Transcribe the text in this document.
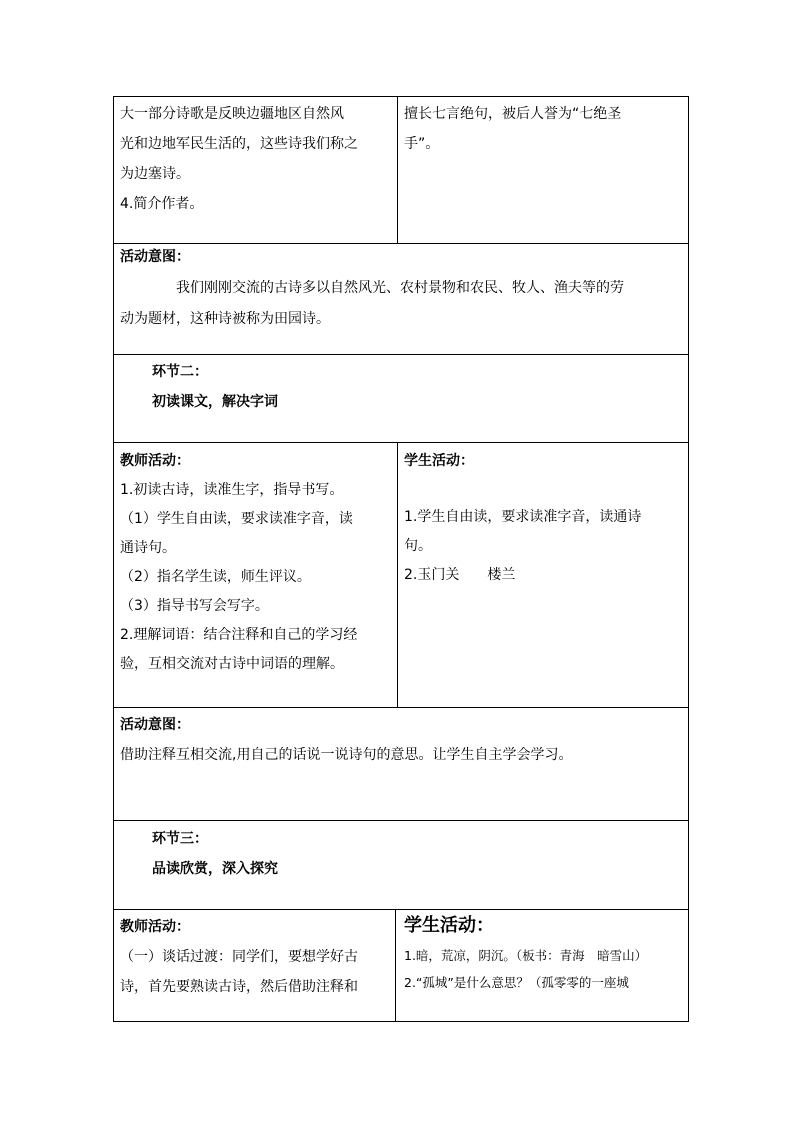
大一部分诗歌是反映边疆地区自然风
光和边地军民生活的，这些诗我们称之
为边塞诗。
4.简介作者。
擅长七言绝句，被后人誉为“七绝圣
手”。
活动意图：
我们刚刚交流的古诗多以自然风光、农村景物和农民、牧人、渔夫等的劳
动为题材，这种诗被称为田园诗。
环节二：
初读课文，解决字词
教师活动：
1.初读古诗，读准生字，指导书写。
（1）学生自由读，要求读准字音，读
通诗句。
（2）指名学生读，师生评议。
（3）指导书写会写字。
2.理解词语：结合注释和自己的学习经
验，互相交流对古诗中词语的理解。
学生活动：
1.学生自由读，要求读准字音，读通诗
句。
2.玉门关　　楼兰
活动意图：
借助注释互相交流,用自己的话说一说诗句的意思。让学生自主学会学习。
环节三：
品读欣赏，深入探究
教师活动：
（一）谈话过渡：同学们，要想学好古
诗，首先要熟读古诗，然后借助注释和
学生活动：
1.暗，荒凉，阴沉。（板书：青海　暗雪山）
2.“孤城”是什么意思？（孤零零的一座城
